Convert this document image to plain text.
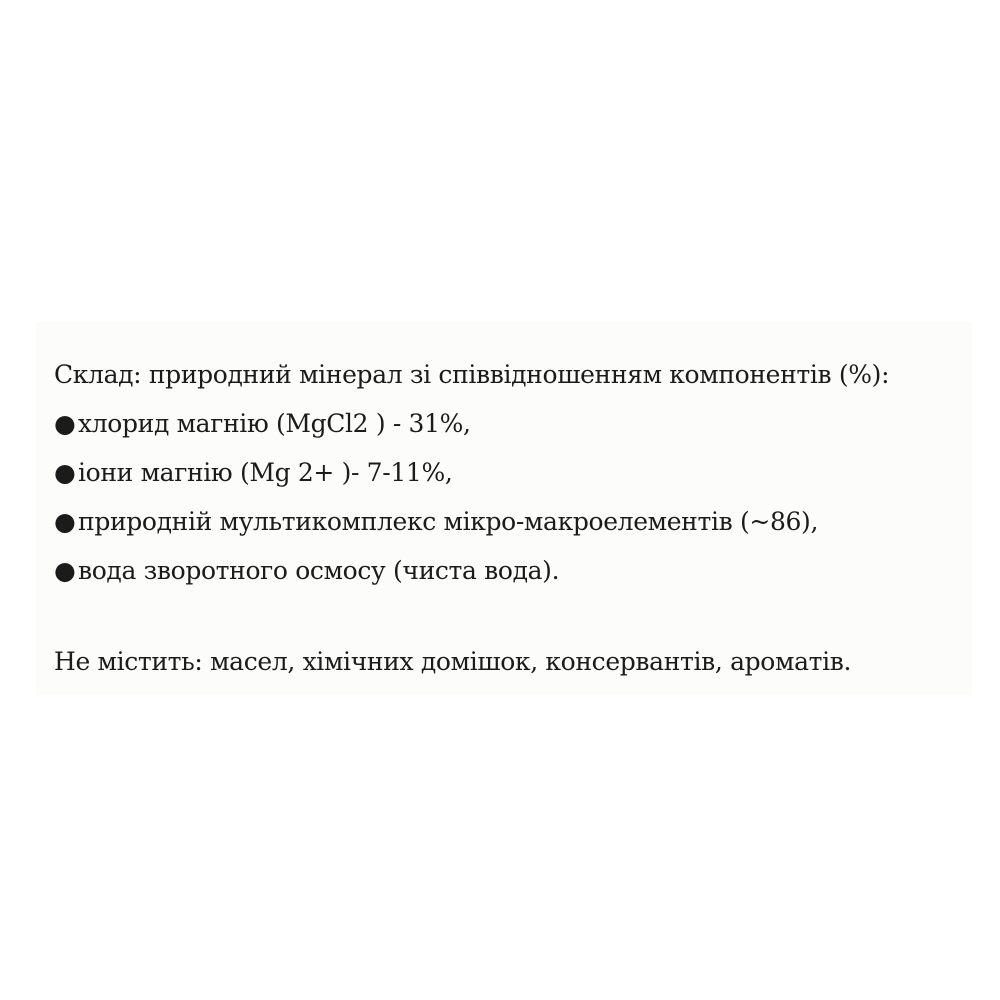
Склад: природний мінерал зі співвідношенням компонентів (%):
● хлорид магнію (MgCl2 ) - 31%,
● іони магнію (Mg 2+ )- 7-11%,
● природній мультикомплекс мікро-макроелементів (~86),
● вода зворотного осмосу (чиста вода).
Не містить: масел, хімічних домішок, консервантів, ароматів.
